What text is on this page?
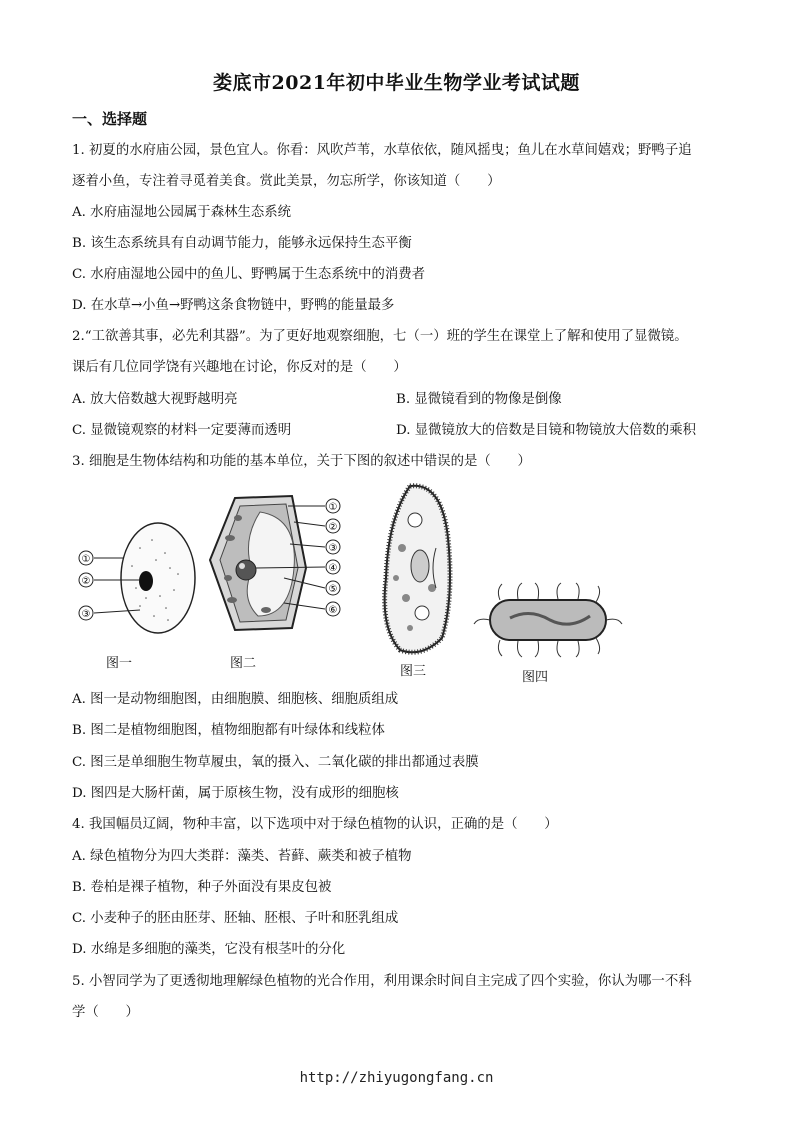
娄底市2021年初中毕业生物学业考试试题
一、选择题
1. 初夏的水府庙公园，景色宜人。你看：风吹芦苇，水草依依，随风摇曳；鱼儿在水草间嬉戏；野鸭子追
逐着小鱼，专注着寻觅着美食。赏此美景，勿忘所学，你该知道（　　）
A. 水府庙湿地公园属于森林生态系统
B. 该生态系统具有自动调节能力，能够永远保持生态平衡
C. 水府庙湿地公园中的鱼儿、野鸭属于生态系统中的消费者
D. 在水草→小鱼→野鸭这条食物链中，野鸭的能量最多
2.“工欲善其事，必先利其器”。为了更好地观察细胞，七（一）班的学生在课堂上了解和使用了显微镜。
课后有几位同学饶有兴趣地在讨论，你反对的是（　　）
A. 放大倍数越大视野越明亮	B. 显微镜看到的物像是倒像
C. 显微镜观察的材料一定要薄而透明	D. 显微镜放大的倍数是目镜和物镜放大倍数的乘积
3. 细胞是生物体结构和功能的基本单位，关于下图的叙述中错误的是（　　）
①
②
③
①
②
③
④
⑤
⑥
图一	图二
图三	图四
A. 图一是动物细胞图，由细胞膜、细胞核、细胞质组成
B. 图二是植物细胞图，植物细胞都有叶绿体和线粒体
C. 图三是单细胞生物草履虫，氧的摄入、二氧化碳的排出都通过表膜
D. 图四是大肠杆菌，属于原核生物，没有成形的细胞核
4. 我国幅员辽阔，物种丰富，以下选项中对于绿色植物的认识，正确的是（　　）
A. 绿色植物分为四大类群：藻类、苔藓、蕨类和被子植物
B. 卷柏是裸子植物，种子外面没有果皮包被
C. 小麦种子的胚由胚芽、胚轴、胚根、子叶和胚乳组成
D. 水绵是多细胞的藻类，它没有根茎叶的分化
5. 小智同学为了更透彻地理解绿色植物的光合作用，利用课余时间自主完成了四个实验，你认为哪一不科
学（　　）
http://zhiyugongfang.cn
